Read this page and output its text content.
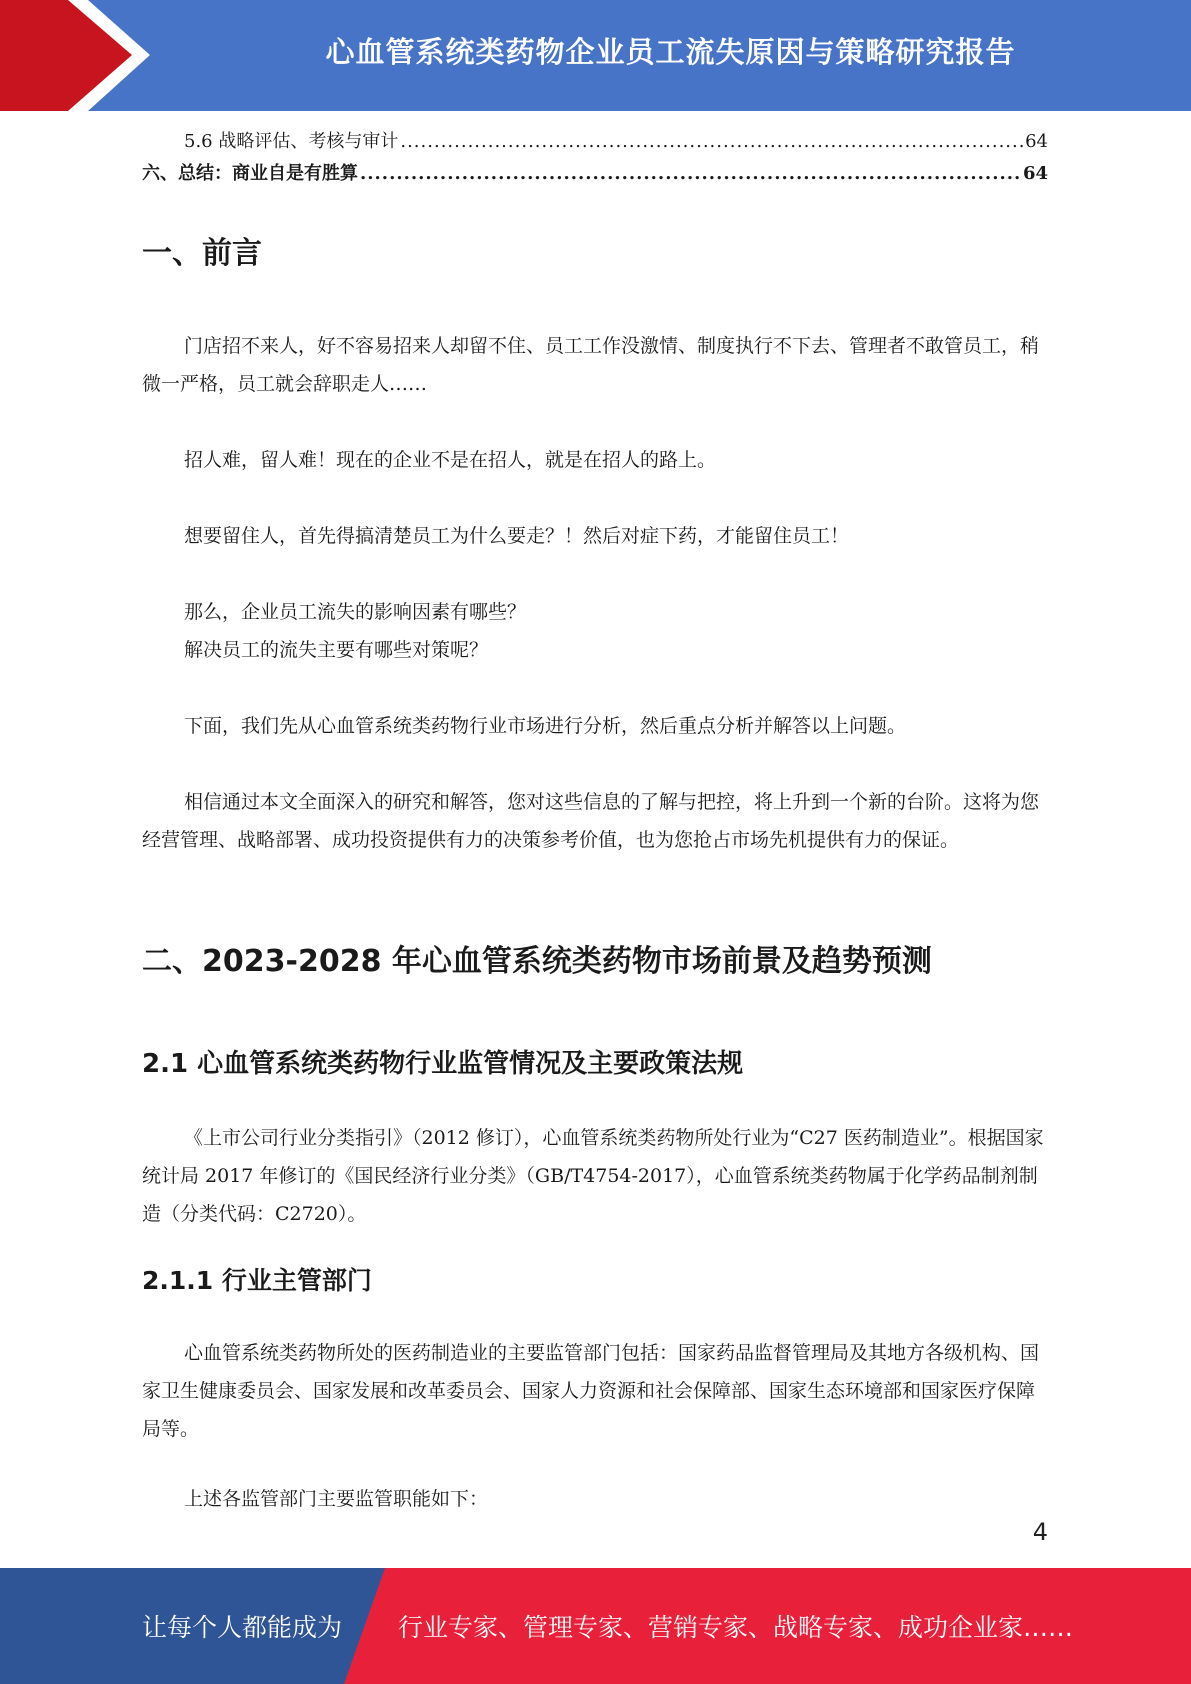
心血管系统类药物企业员工流失原因与策略研究报告
5.6 战略评估、考核与审计 .....	64
六、总结：商业自是有胜算 .....	64
一、前言

门店招不来人，好不容易招来人却留不住、员工工作没激情、制度执行不下去、管理者不敢管员工，稍微一严格，员工就会辞职走人……

招人难，留人难！现在的企业不是在招人，就是在招人的路上。

想要留住人，首先得搞清楚员工为什么要走？！然后对症下药，才能留住员工！

那么，企业员工流失的影响因素有哪些？

解决员工的流失主要有哪些对策呢？

下面，我们先从心血管系统类药物行业市场进行分析，然后重点分析并解答以上问题。

相信通过本文全面深入的研究和解答，您对这些信息的了解与把控，将上升到一个新的台阶。这将为您经营管理、战略部署、成功投资提供有力的决策参考价值，也为您抢占市场先机提供有力的保证。

二、2023-2028 年心血管系统类药物市场前景及趋势预测
2.1 心血管系统类药物行业监管情况及主要政策法规

《上市公司行业分类指引》（2012 修订），心血管系统类药物所处行业为“C27 医药制造业”。根据国家统计局 2017 年修订的《国民经济行业分类》（GB/T4754-2017），心血管系统类药物属于化学药品制剂制造（分类代码：C2720）。

2.1.1 行业主管部门

心血管系统类药物所处的医药制造业的主要监管部门包括：国家药品监督管理局及其地方各级机构、国家卫生健康委员会、国家发展和改革委员会、国家人力资源和社会保障部、国家生态环境部和国家医疗保障局等。

上述各监管部门主要监管职能如下：

4
让每个人都能成为 行业专家、管理专家、营销专家、战略专家、成功企业家……
